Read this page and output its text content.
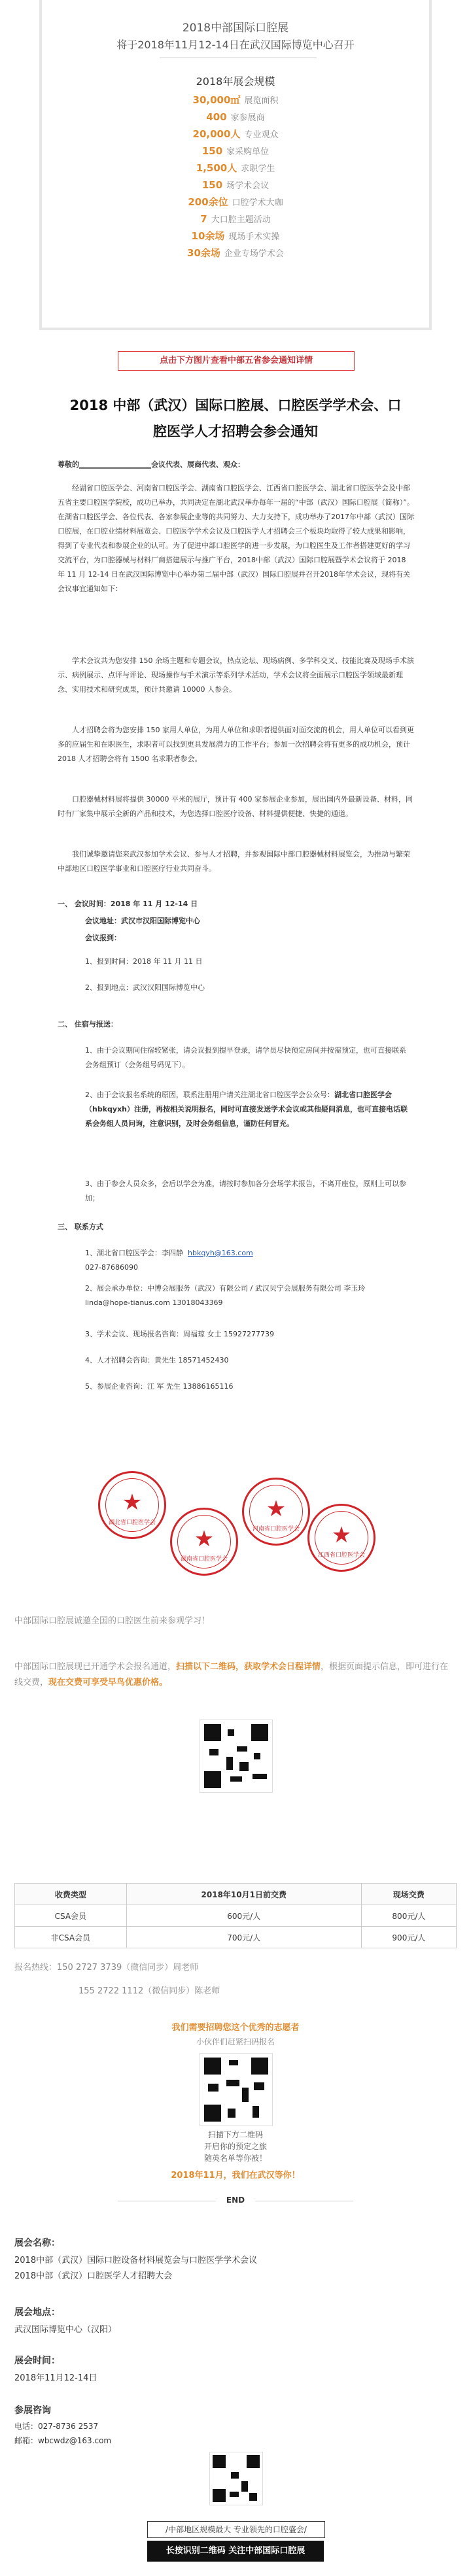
2018中部国际口腔展
将于2018年11月12-14日在武汉国际博览中心召开
2018年展会规模
30,000㎡ 展览面积
400 家参展商
20,000人 专业观众
150 家采购单位
1,500人 求职学生
150 场学术会议
200余位 口腔学术大咖
7 大口腔主题活动
10余场 现场手术实操
30余场 企业专场学术会
点击下方图片查看中部五省参会通知详情
2018 中部（武汉）国际口腔展、口腔医学学术会、口腔医学人才招聘会参会通知
尊敬的____________________会议代表、展商代表、观众：
经湖省口腔医学会、河南省口腔医学会、湖南省口腔医学会、江西省口腔医学会、湖北省口腔医学会及中部五省主要口腔医学院校，成功已举办，共同决定在湖北武汉举办每年一届的“中部（武汉）国际口腔展（简称）”。在湖省口腔医学会、各位代表、各家参展企业等的共同努力、大力支持下，成功举办了2017年中部（武汉）国际口腔展，在口腔业绩材料展览会、口腔医学学术会议及口腔医学人才招聘会三个板块均取得了较大成果和影响，得到了专业代表和参展企业的认可。为了促进中部口腔医学的进一步发展，为口腔医生及工作者搭建更好的学习交流平台，为口腔器械与材料厂商搭建展示与推广平台，2018中部（武汉）国际口腔展暨学术会议将于 2018 年 11 月 12-14 日在武汉国际博览中心举办第二届中部（武汉）国际口腔展并召开2018年学术会议，现将有关会议事宜通知如下：
学术会议共为您安排 150 余场主题和专题会议，热点论坛、现场病例、多学科交叉、技能比赛及现场手术演示、病例展示、点评与评论、现场操作与手术演示等系列学术活动，学术会议将全面展示口腔医学领域最新理念、实用技术和研究成果，预计共邀请 10000 人参会。
人才招聘会将为您安排 150 家用人单位，为用人单位和求职者提供面对面交流的机会，用人单位可以看到更多的应届生和在职医生，求职者可以找到更具发展潜力的工作平台；参加一次招聘会将有更多的成功机会，预计 2018 人才招聘会将有 1500 名求职者参会。
口腔器械材料展将提供 30000 平米的展厅，预计有 400 家参展企业参加，展出国内外最新设备、材料，同时有厂家集中展示全新的产品和技术，为您选择口腔医疗设备、材料提供便捷、快捷的通道。
我们诚挚邀请您来武汉参加学术会议、参与人才招聘，并参观国际中部口腔器械材料展览会，为推动与繁荣中部地区口腔医学事业和口腔医疗行业共同奋斗。
一、 会议时间：2018 年 11 月 12-14 日
会议地址：武汉市汉阳国际博览中心
会议报到：
1、报到时间：2018 年 11 月 11 日
2、报到地点：武汉汉阳国际博览中心
二、 住宿与报送：
1、由于会议期间住宿较紧张，请会议报到提早登录，请学员尽快预定房间并按需预定，也可直接联系会务组预订（会务组号码见下）。
2、由于会议报名系统的原因，联系注册用户请关注湖北省口腔医学会公众号：湖北省口腔医学会（hbkqyxh）注册，再按相关说明报名，同时可直接发送学术会议或其他疑问消息，也可直接电话联系会务组人员问询，注意识别，及时会务组信息，谨防任何冒充。
3、由于参会人员众多，会后以学会为准，请按时参加各分会场学术报告，不离开座位，原则上可以参加；
三、 联系方式
1、湖北省口腔医学会：李四静 hbkqyh@163.com
027-87686090
2、展会承办单位：中博会展服务（武汉）有限公司 / 武汉贝宁会展服务有限公司 李玉玲 linda@hope-tianus.com 13018043369
3、学术会议、现场报名咨询：周福琼 女士 15927277739
4、人才招聘会咨询：黄先生 18571452430
5、参展企业咨询：江 军 先生 13886165116
★
湖北省口腔医学会
★
河南省口腔医学会
★
湖南省口腔医学会
★
江西省口腔医学会
中部国际口腔展诚邀全国的口腔医生前来参观学习！
中部国际口腔展现已开通学术会报名通道，扫描以下二维码，获取学术会日程详情，根据页面提示信息，即可进行在线交费，现在交费可享受早鸟优惠价格。
收费类型	2018年10月1日前交费	现场交费
CSA会员	600元/人	800元/人
非CSA会员	700元/人	900元/人
报名热线：150 2727 3739（微信同步）周老师
155 2722 1112（微信同步）陈老师
我们需要招聘您这个优秀的志愿者
小伙伴们赶紧扫码报名
扫描下方二维码
开启你的预定之旅
随英名单等你被！
2018年11月，我们在武汉等你！
END
展会名称：
2018中部（武汉）国际口腔设备材料展览会与口腔医学学术会议
2018中部（武汉）口腔医学人才招聘大会
展会地点：
武汉国际博览中心（汉阳）
展会时间：
2018年11月12-14日
参展咨询
电话：027-8736 2537
邮箱：wbcwdz@163.com
/中部地区规模最大 专业领先的口腔盛会/
长按识别二维码 关注中部国际口腔展
